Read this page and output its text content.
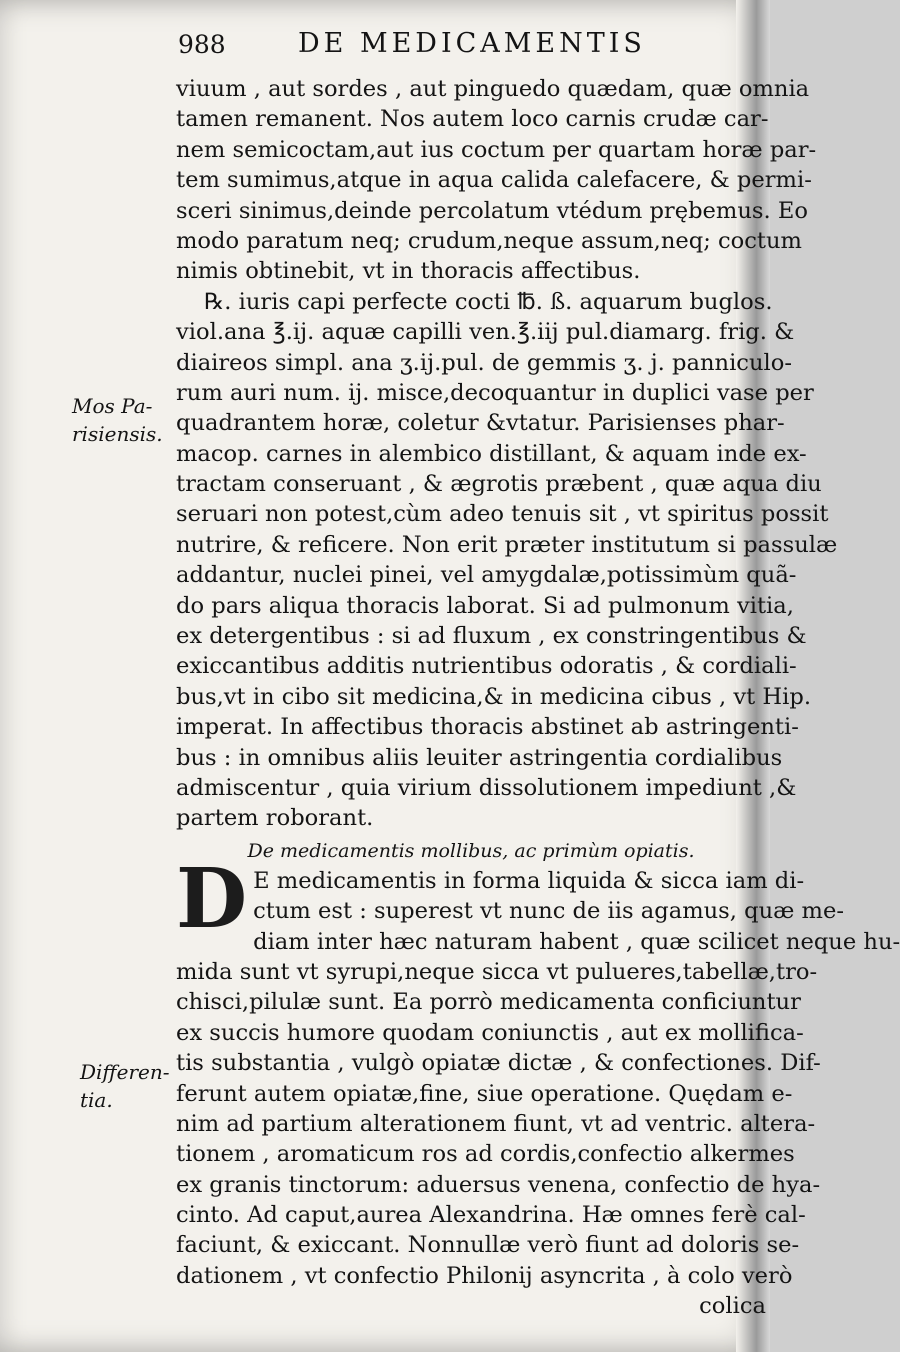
988	DE MEDICAMENTIS
Mos Pa-
risiensis.
Differen-
tia.
viuum , aut sordes , aut pinguedo quædam, quæ omnia
tamen remanent. Nos autem loco carnis crudæ car-
nem semicoctam,aut ius coctum per quartam horæ par-
tem sumimus,atque in aqua calida calefacere, & permi-
sceri sinimus,deinde percolatum vtédum prębemus. Eo
modo paratum neq; crudum,neque assum,neq; coctum
nimis obtinebit, vt in thoracis affectibus.
℞. iuris capi perfecte cocti ℔. ß. aquarum buglos.
viol.ana ℥.ij. aquæ capilli ven.℥.iij pul.diamarg. frig. &
diaireos simpl. ana ʒ.ij.pul. de gemmis ʒ. j. panniculo-
rum auri num. ij. misce,decoquantur in duplici vase per
quadrantem horæ, coletur &vtatur. Parisienses phar-
macop. carnes in alembico distillant, & aquam inde ex-
tractam conseruant , & ægrotis præbent , quæ aqua diu
seruari non potest,cùm adeo tenuis sit , vt spiritus possit
nutrire, & reficere. Non erit præter institutum si passulæ
addantur, nuclei pinei, vel amygdalæ,potissimùm quã-
do pars aliqua thoracis laborat. Si ad pulmonum vitia,
ex detergentibus : si ad fluxum , ex constringentibus &
exiccantibus additis nutrientibus odoratis , & cordiali-
bus,vt in cibo sit medicina,& in medicina cibus , vt Hip.
imperat. In affectibus thoracis abstinet ab astringenti-
bus : in omnibus aliis leuiter astringentia cordialibus
admiscentur , quia virium dissolutionem impediunt ,&
partem roborant.
De medicamentis mollibus, ac primùm opiatis.
D E medicamentis in forma liquida & sicca iam di-
ctum est : superest vt nunc de iis agamus, quæ me-
diam inter hæc naturam habent , quæ scilicet neque hu-
mida sunt vt syrupi,neque sicca vt pulueres,tabellæ,tro-
chisci,pilulæ sunt. Ea porrò medicamenta conficiuntur
ex succis humore quodam coniunctis , aut ex mollifica-
tis substantia , vulgò opiatæ dictæ , & confectiones. Dif-
ferunt autem opiatæ,fine, siue operatione. Quędam e-
nim ad partium alterationem fiunt, vt ad ventric. altera-
tionem , aromaticum ros ad cordis,confectio alkermes
ex granis tinctorum: aduersus venena, confectio de hya-
cinto. Ad caput,aurea Alexandrina. Hæ omnes ferè cal-
faciunt, & exiccant. Nonnullæ verò fiunt ad doloris se-
dationem , vt confectio Philonij asyncrita , à colo verò
colica
